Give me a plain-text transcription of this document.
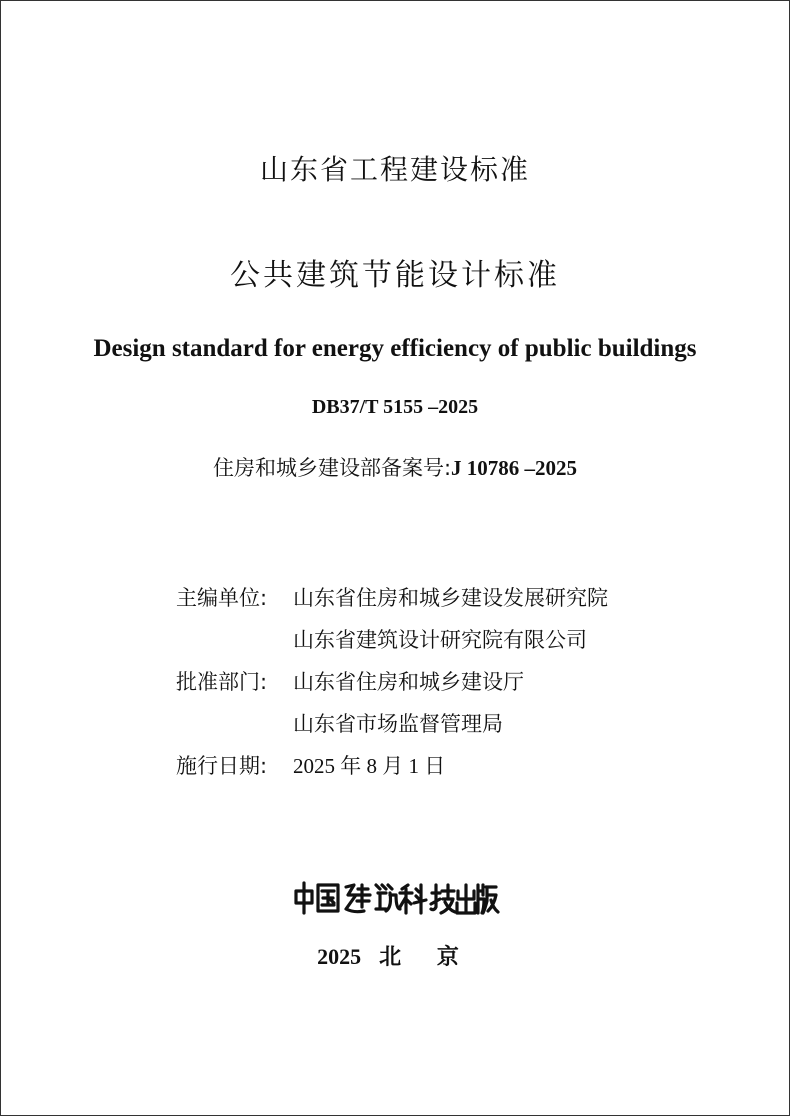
山东省工程建设标准
公共建筑节能设计标准
Design standard for energy efficiency of public buildings
DB37/T 5155 –2025
住房和城乡建设部备案号:J 10786 –2025
主编单位: 山东省住房和城乡建设发展研究院
山东省建筑设计研究院有限公司
批准部门: 山东省住房和城乡建设厅
山东省市场监督管理局
施行日期: 2025 年 8 月 1 日
2025 北 京
